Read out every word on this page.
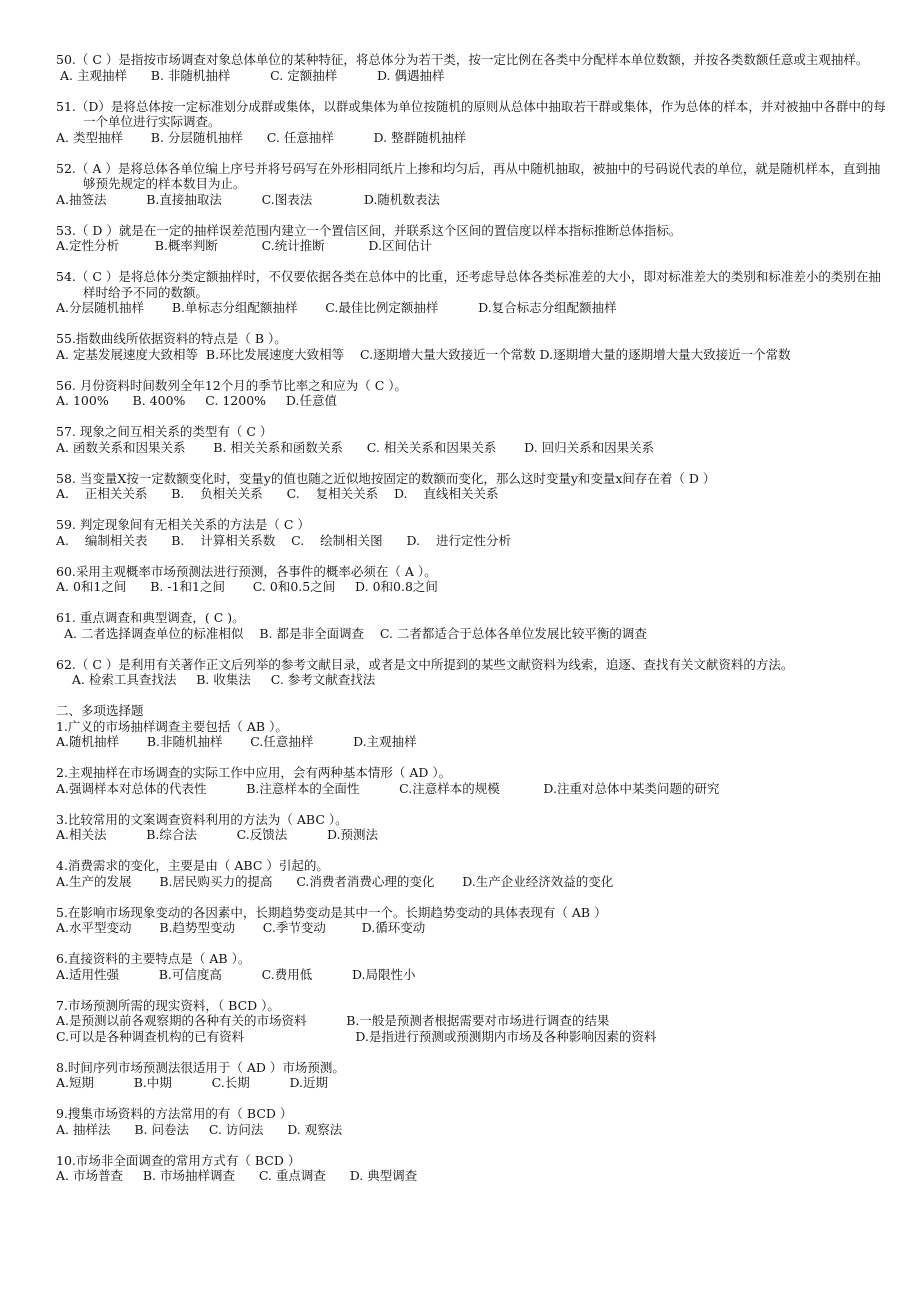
50.（ C ）是指按市场调查对象总体单位的某种特征，将总体分为若干类，按一定比例在各类中分配样本单位数额，并按各类数额任意或主观抽样。
A. 主观抽样      B. 非随机抽样          C. 定额抽样          D. 偶遇抽样
51.（D）是将总体按一定标准划分成群或集体，以群或集体为单位按随机的原则从总体中抽取若干群或集体，作为总体的样本，并对被抽中各群中的每一个单位进行实际调查。
A. 类型抽样       B. 分层随机抽样      C. 任意抽样          D. 整群随机抽样
52.（ A ）是将总体各单位编上序号并将号码写在外形相同纸片上掺和均匀后，再从中随机抽取，被抽中的号码说代表的单位，就是随机样本，直到抽够预先规定的样本数目为止。
A.抽签法          B.直接抽取法          C.图表法             D.随机数表法
53.（ D ）就是在一定的抽样误差范围内建立一个置信区间，并联系这个区间的置信度以样本指标推断总体指标。
A.定性分析         B.概率判断           C.统计推断           D.区间估计
54.（ C ）是将总体分类定额抽样时，不仅要依据各类在总体中的比重，还考虑导总体各类标准差的大小，即对标准差大的类别和标准差小的类别在抽样时给予不同的数额。
A.分层随机抽样       B.单标志分组配额抽样       C.最佳比例定额抽样          D.复合标志分组配额抽样
55.指数曲线所依据资料的特点是（ B ）。
A. 定基发展速度大致相等  B.环比发展速度大致相等    C.逐期增大量大致接近一个常数 D.逐期增大量的逐期增大量大致接近一个常数
56. 月份资料时间数列全年12个月的季节比率之和应为（ C ）。
A. 100%      B. 400%     C. 1200%     D.任意值
57. 现象之间互相关系的类型有（ C ）
A. 函数关系和因果关系       B. 相关关系和函数关系      C. 相关关系和因果关系       D. 回归关系和因果关系
58. 当变量X按一定数额变化时，变量y的值也随之近似地按固定的数额而变化，那么这时变量y和变量x间存在着（ D ）
A.    正相关关系      B.    负相关关系      C.    复相关关系    D.    直线相关关系
59. 判定现象间有无相关关系的方法是（ C ）
A.    编制相关表      B.    计算相关系数    C.    绘制相关图      D.    进行定性分析
60.采用主观概率市场预测法进行预测，各事件的概率必须在（ A ）。
A. 0和1之间      B. -1和1之间       C. 0和0.5之间     D. 0和0.8之间
61. 重点调查和典型调查，( C )。
A. 二者选择调查单位的标准相似    B. 都是非全面调查    C. 二者都适合于总体各单位发展比较平衡的调查
62.（ C ）是利用有关著作正文后列举的参考文献目录，或者是文中所提到的某些文献资料为线索，追逐、查找有关文献资料的方法。
A. 检索工具查找法     B. 收集法     C. 参考文献查找法
二、多项选择题
1.广义的市场抽样调查主要包括（ AB ）。
A.随机抽样       B.非随机抽样       C.任意抽样          D.主观抽样
2.主观抽样在市场调查的实际工作中应用，会有两种基本情形（ AD ）。
A.强调样本对总体的代表性          B.注意样本的全面性          C.注意样本的规模           D.注重对总体中某类问题的研究
3.比较常用的文案调查资料利用的方法为（ ABC ）。
A.相关法          B.综合法          C.反馈法          D.预测法
4.消费需求的变化，主要是由（ ABC ）引起的。
A.生产的发展       B.居民购买力的提高      C.消费者消费心理的变化       D.生产企业经济效益的变化
5.在影响市场现象变动的各因素中，长期趋势变动是其中一个。长期趋势变动的具体表现有（ AB ）
A.水平型变动       B.趋势型变动       C.季节变动         D.循环变动
6.直接资料的主要特点是（ AB ）。
A.适用性强          B.可信度高          C.费用低          D.局限性小
7.市场预测所需的现实资料，（ BCD ）。
A.是预测以前各观察期的各种有关的市场资料          B.一般是预测者根据需要对市场进行调查的结果
C.可以是各种调查机构的已有资料                            D.是指进行预测或预测期内市场及各种影响因素的资料
8.时间序列市场预测法很适用于（ AD ）市场预测。
A.短期          B.中期          C.长期          D.近期
9.搜集市场资料的方法常用的有（ BCD ）
A. 抽样法      B. 问卷法     C. 访问法      D. 观察法
10.市场非全面调查的常用方式有（ BCD ）
A. 市场普查     B. 市场抽样调查      C. 重点调查      D. 典型调查
